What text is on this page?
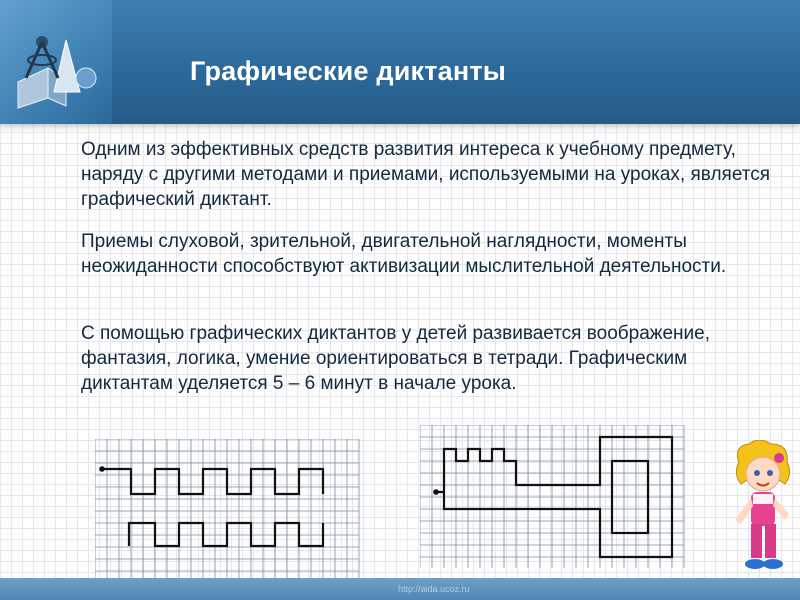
Графические диктанты
Одним из эффективных средств развития интереса к учебному предмету, наряду с другими методами и приемами, используемыми на уроках, является графический диктант.
Приемы слуховой, зрительной, двигательной наглядности, моменты неожиданности способствуют активизации мыслительной деятельности.
С помощью графических диктантов у детей развивается воображение, фантазия, логика, умение ориентироваться в тетради. Графическим диктантам уделяется 5 – 6 минут в начале урока.
http://aida.ucoz.ru
